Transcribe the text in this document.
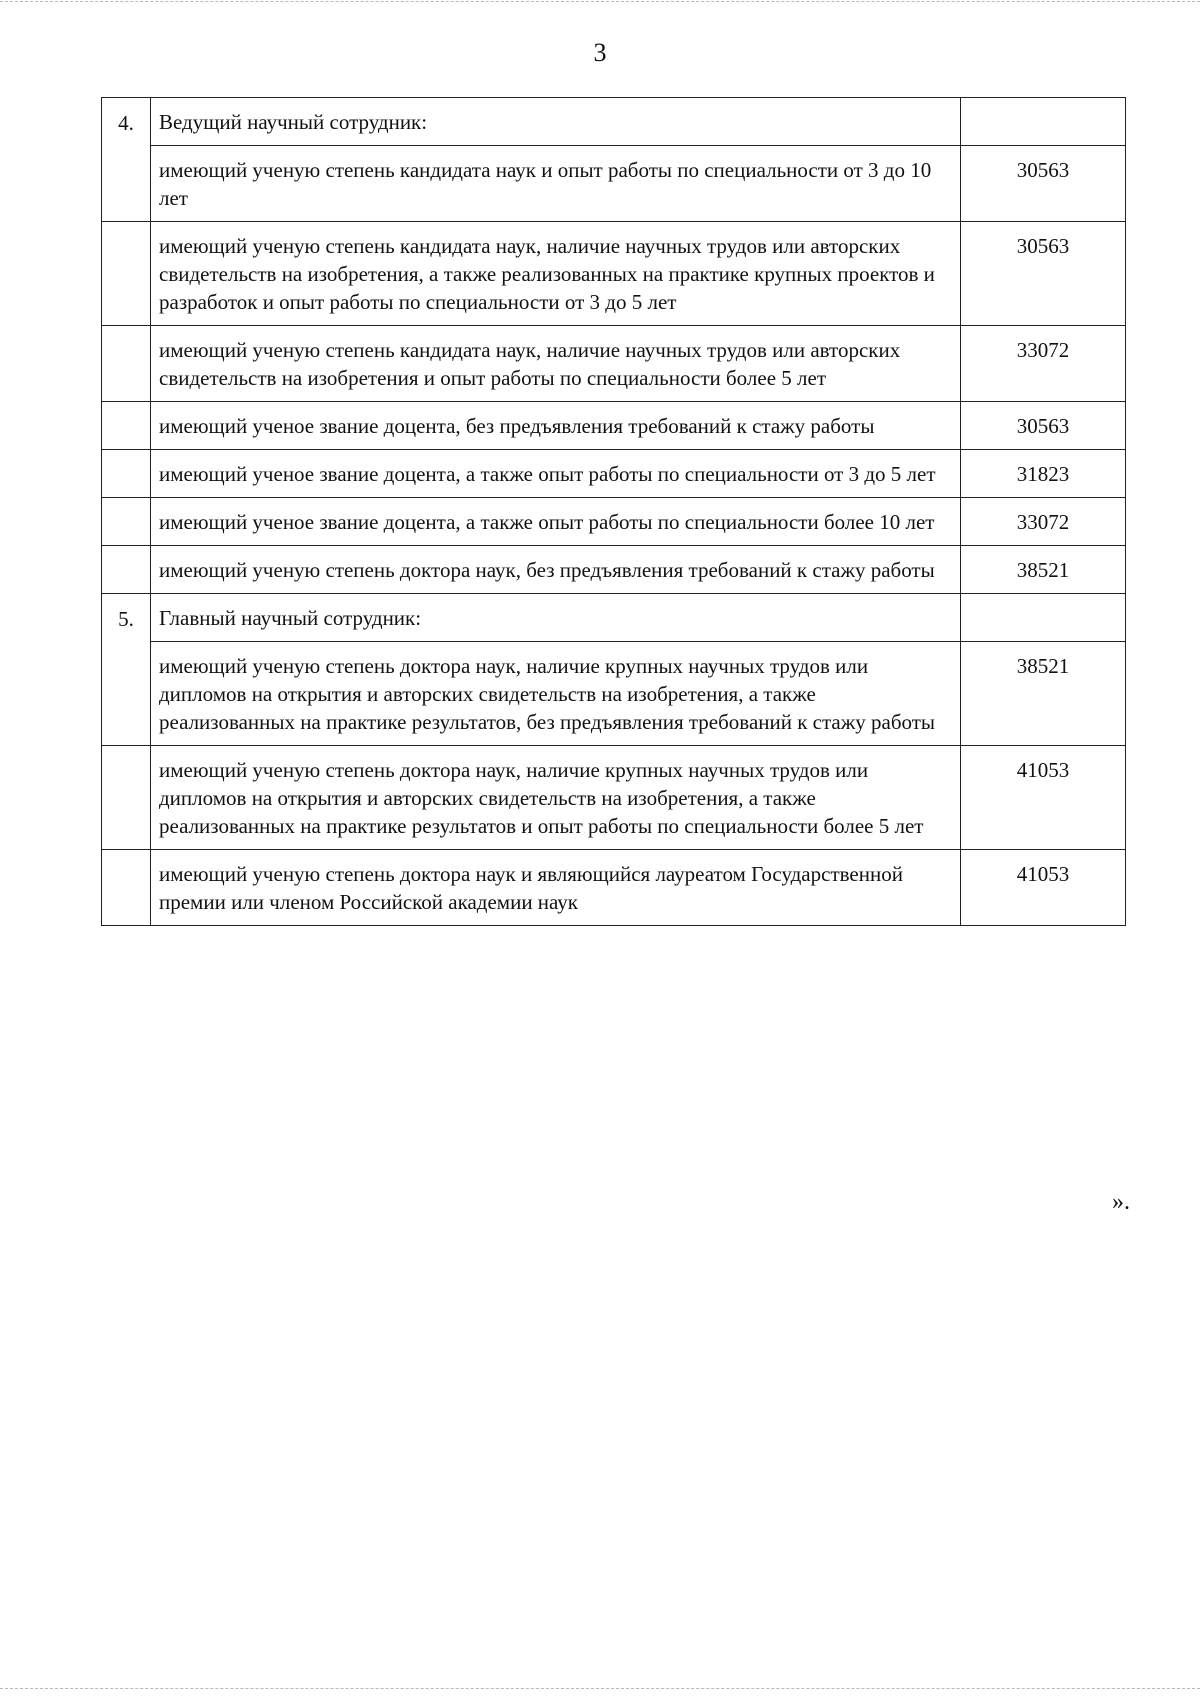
3
4.	Ведущий научный сотрудник:	
	имеющий ученую степень кандидата наук и опыт работы по специальности от 3 до 10 лет	30563
	имеющий ученую степень кандидата наук, наличие научных трудов или авторских свидетельств на изобретения, а также реализованных на практике крупных проектов и разработок и опыт работы по специальности от 3 до 5 лет	30563
	имеющий ученую степень кандидата наук, наличие научных трудов или авторских свидетельств на изобретения и опыт работы по специальности более 5 лет	33072
	имеющий ученое звание доцента, без предъявления требований к стажу работы	30563
	имеющий ученое звание доцента, а также опыт работы по специальности от 3 до 5 лет	31823
	имеющий ученое звание доцента, а также опыт работы по специальности более 10 лет	33072
	имеющий ученую степень доктора наук, без предъявления требований к стажу работы	38521
5.	Главный научный сотрудник:	
	имеющий ученую степень доктора наук, наличие крупных научных трудов или дипломов на открытия и авторских свидетельств на изобретения, а также реализованных на практике результатов, без предъявления требований к стажу работы	38521
	имеющий ученую степень доктора наук, наличие крупных научных трудов или дипломов на открытия и авторских свидетельств на изобретения, а также реализованных на практике результатов и опыт работы по специальности более 5 лет	41053
	имеющий ученую степень доктора наук и являющийся лауреатом Государственной премии или членом Российской академии наук	41053
».
